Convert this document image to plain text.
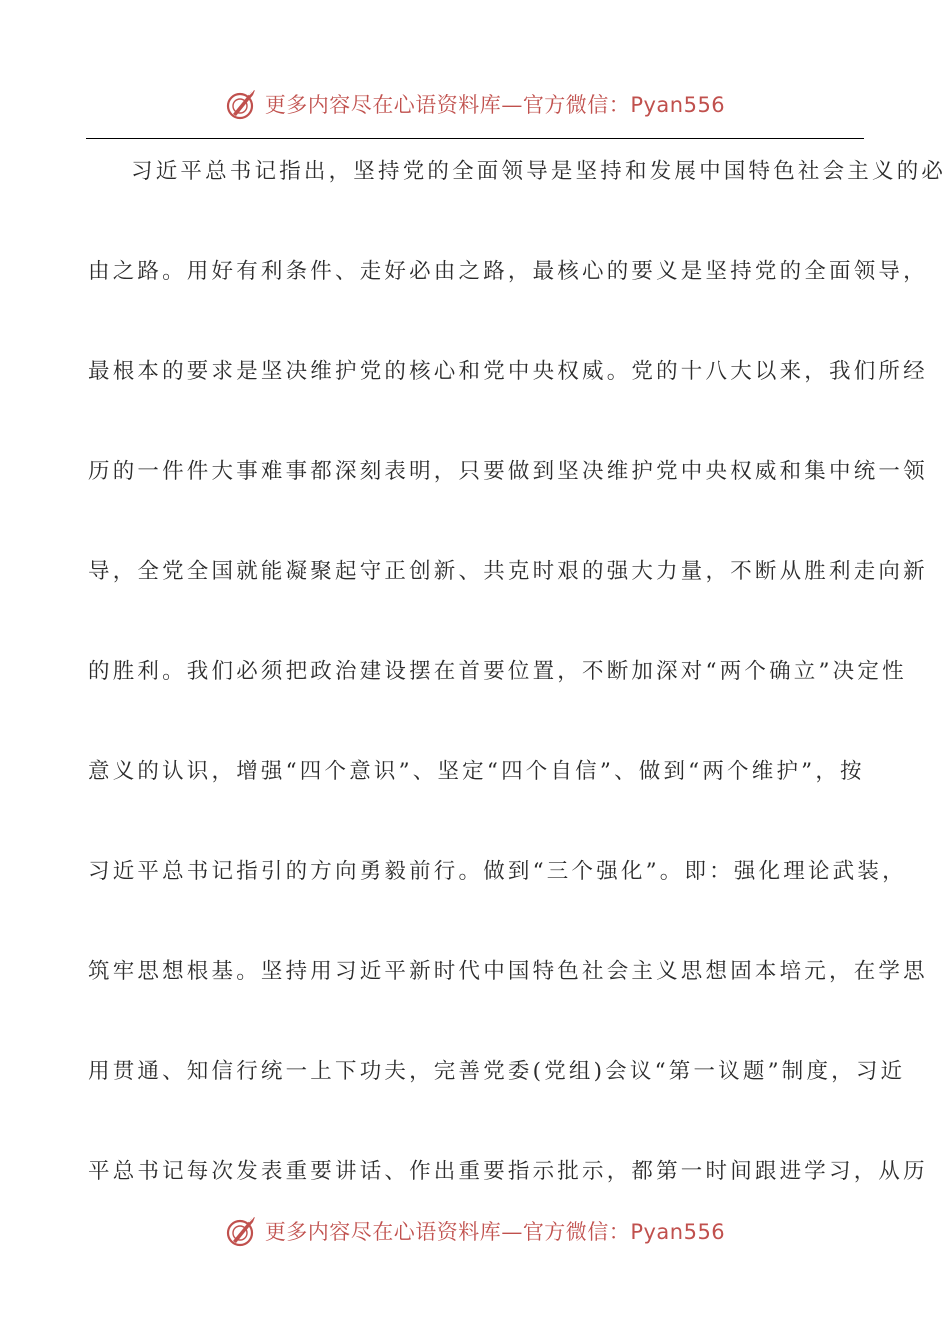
更多内容尽在心语资料库—官方微信：Pyan556
习近平总书记指出，坚持党的全面领导是坚持和发展中国特色社会主义的必
由之路。用好有利条件、走好必由之路，最核心的要义是坚持党的全面领导，
最根本的要求是坚决维护党的核心和党中央权威。党的十八大以来，我们所经
历的一件件大事难事都深刻表明，只要做到坚决维护党中央权威和集中统一领
导，全党全国就能凝聚起守正创新、共克时艰的强大力量，不断从胜利走向新
的胜利。我们必须把政治建设摆在首要位置，不断加深对“两个确立”决定性
意义的认识，增强“四个意识”、坚定“四个自信”、做到“两个维护”，按
习近平总书记指引的方向勇毅前行。做到“三个强化”。即：强化理论武装，
筑牢思想根基。坚持用习近平新时代中国特色社会主义思想固本培元，在学思
用贯通、知信行统一上下功夫，完善党委(党组)会议“第一议题”制度，习近
平总书记每次发表重要讲话、作出重要指示批示，都第一时间跟进学习，从历
更多内容尽在心语资料库—官方微信：Pyan556
